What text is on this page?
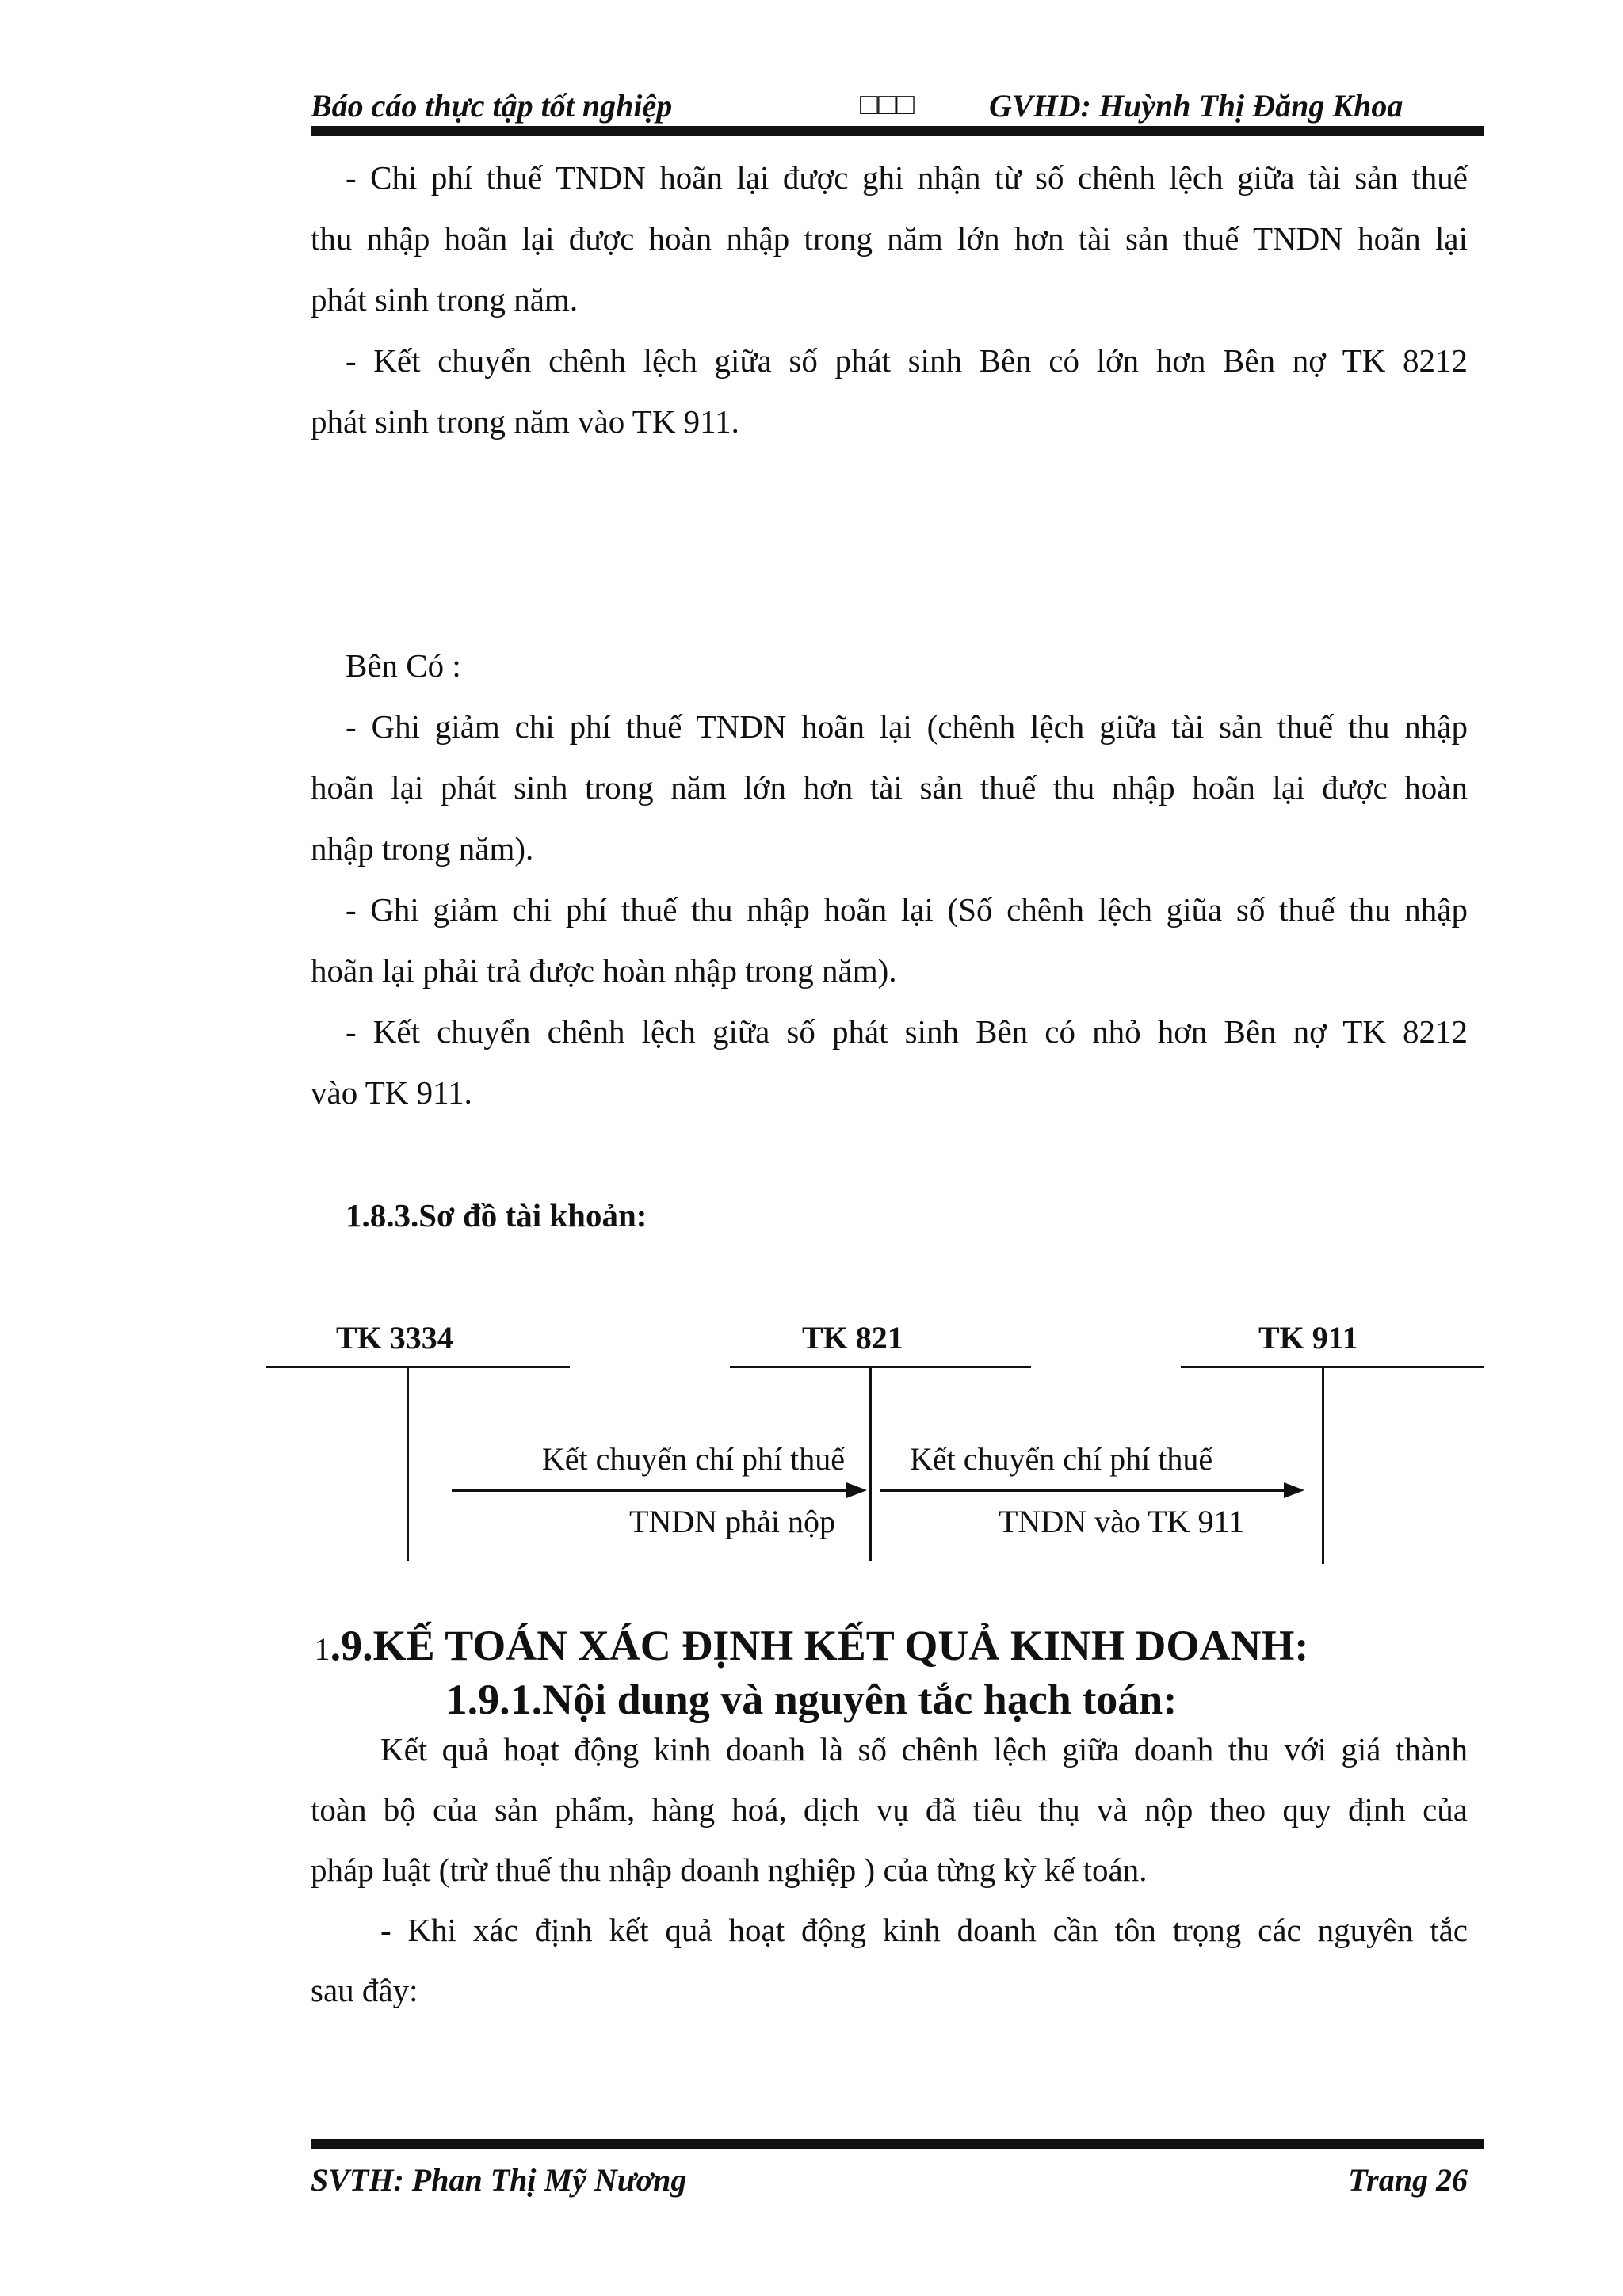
Báo cáo thực tập tốt nghiệp	□□□ GVHD: Huỳnh Thị Đăng Khoa
- Chi phí thuế TNDN hoãn lại được ghi nhận từ số chênh lệch giữa tài sản thuế
thu nhập hoãn lại được hoàn nhập trong năm lớn hơn tài sản thuế TNDN hoãn lại
phát sinh trong năm.
- Kết chuyển chênh lệch giữa số phát sinh Bên có lớn hơn Bên nợ TK 8212
phát sinh trong năm vào TK 911.
Bên Có :
- Ghi giảm chi phí thuế TNDN hoãn lại (chênh lệch giữa tài sản thuế thu nhập
hoãn lại phát sinh trong năm lớn hơn tài sản thuế thu nhập hoãn lại được hoàn
nhập trong năm).
- Ghi giảm chi phí thuế thu nhập hoãn lại (Số chênh lệch giũa số thuế thu nhập
hoãn lại phải trả được hoàn nhập trong năm).
- Kết chuyển chênh lệch giữa số phát sinh Bên có nhỏ hơn Bên nợ TK 8212
vào TK 911.
1.8.3.Sơ đồ tài khoản:
TK 3334	TK 821	TK 911
Kết chuyển chí phí thuế
TNDN phải nộp
Kết chuyển chí phí thuế
TNDN vào TK 911
1.9.KẾ TOÁN XÁC ĐỊNH KẾT QUẢ KINH DOANH:
1.9.1.Nội dung và nguyên tắc hạch toán:
Kết quả hoạt động kinh doanh là số chênh lệch giữa doanh thu với giá thành
toàn bộ của sản phẩm, hàng hoá, dịch vụ đã tiêu thụ và nộp theo quy định của
pháp luật (trừ thuế thu nhập doanh nghiệp ) của từng kỳ kế toán.
- Khi xác định kết quả hoạt động kinh doanh cần tôn trọng các nguyên tắc
sau đây:
SVTH: Phan Thị Mỹ Nương	Trang 26
